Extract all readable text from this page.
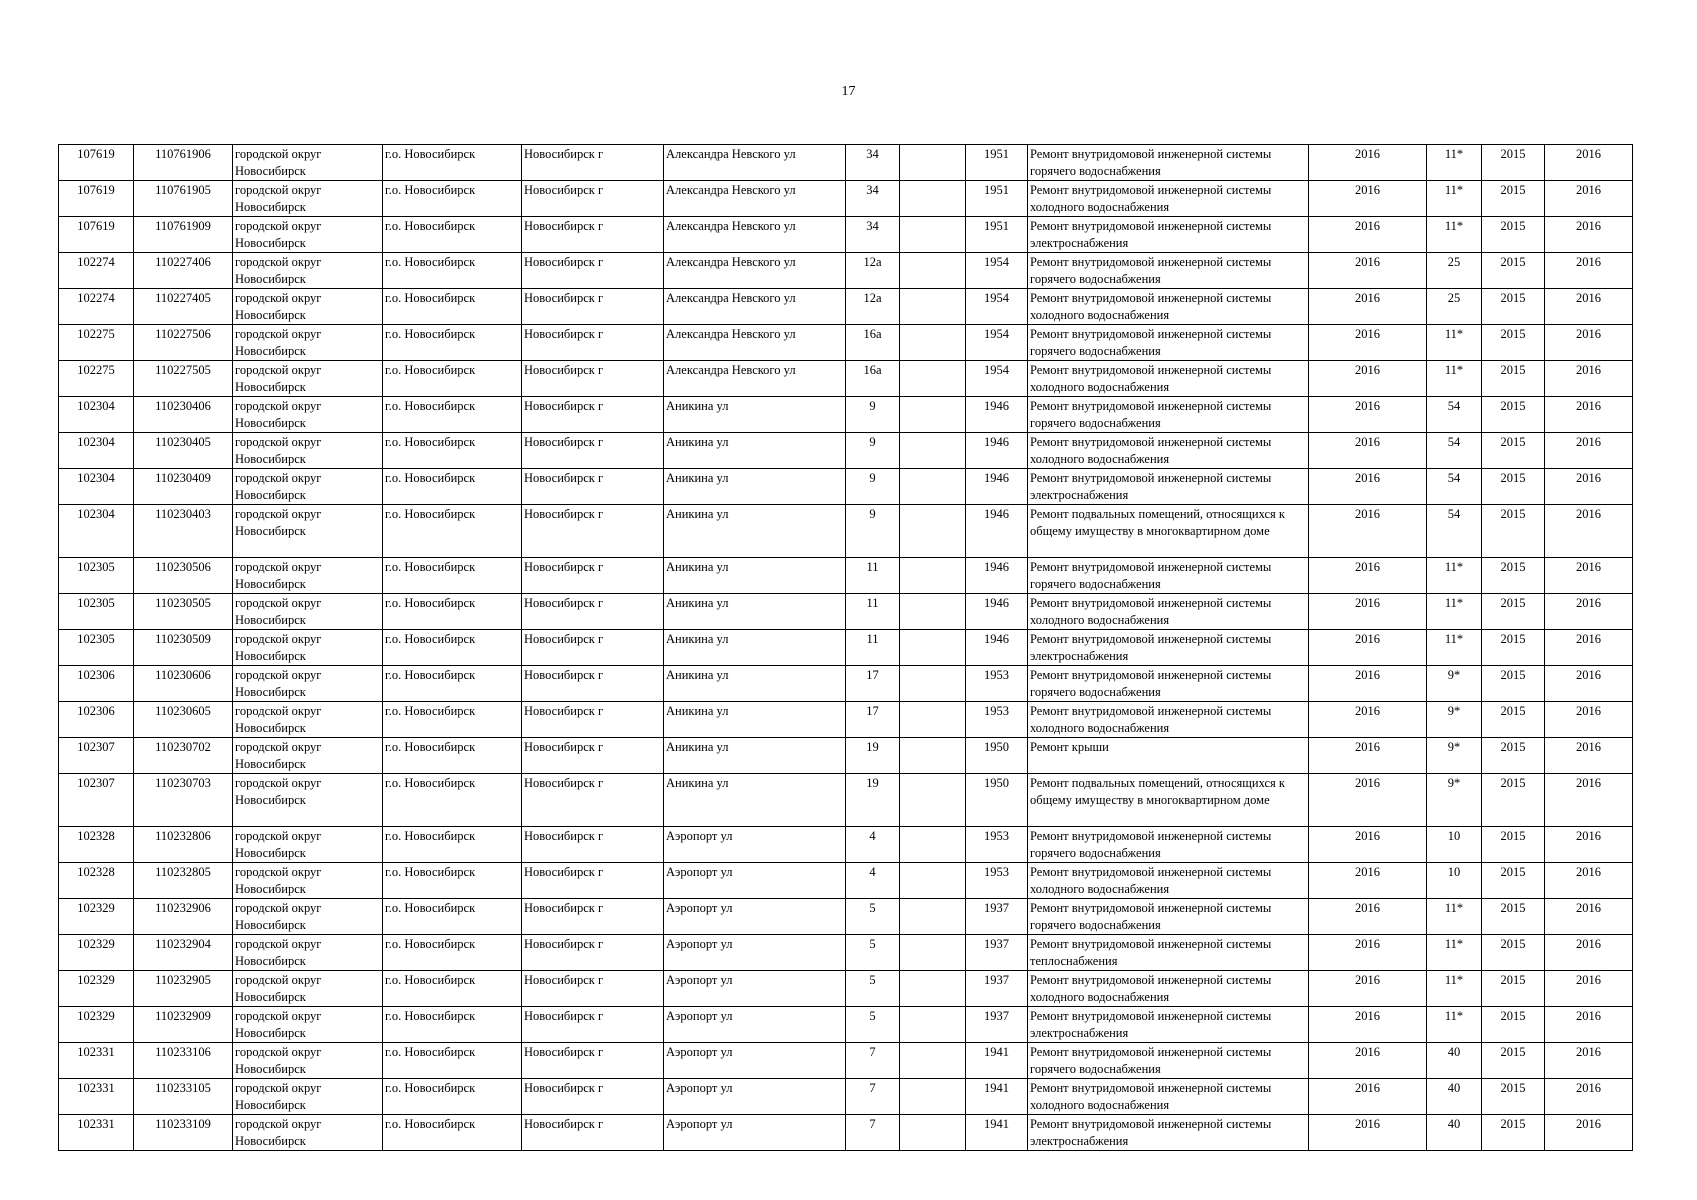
17
107619	110761906	городской округ Новосибирск	г.о. Новосибирск	Новосибирск г	Александра Невского ул	34		1951	Ремонт внутридомовой инженерной системы горячего водоснабжения	2016	11*	2015	2016
107619	110761905	городской округ Новосибирск	г.о. Новосибирск	Новосибирск г	Александра Невского ул	34		1951	Ремонт внутридомовой инженерной системы холодного водоснабжения	2016	11*	2015	2016
107619	110761909	городской округ Новосибирск	г.о. Новосибирск	Новосибирск г	Александра Невского ул	34		1951	Ремонт внутридомовой инженерной системы электроснабжения	2016	11*	2015	2016
102274	110227406	городской округ Новосибирск	г.о. Новосибирск	Новосибирск г	Александра Невского ул	12а		1954	Ремонт внутридомовой инженерной системы горячего водоснабжения	2016	25	2015	2016
102274	110227405	городской округ Новосибирск	г.о. Новосибирск	Новосибирск г	Александра Невского ул	12а		1954	Ремонт внутридомовой инженерной системы холодного водоснабжения	2016	25	2015	2016
102275	110227506	городской округ Новосибирск	г.о. Новосибирск	Новосибирск г	Александра Невского ул	16а		1954	Ремонт внутридомовой инженерной системы горячего водоснабжения	2016	11*	2015	2016
102275	110227505	городской округ Новосибирск	г.о. Новосибирск	Новосибирск г	Александра Невского ул	16а		1954	Ремонт внутридомовой инженерной системы холодного водоснабжения	2016	11*	2015	2016
102304	110230406	городской округ Новосибирск	г.о. Новосибирск	Новосибирск г	Аникина ул	9		1946	Ремонт внутридомовой инженерной системы горячего водоснабжения	2016	54	2015	2016
102304	110230405	городской округ Новосибирск	г.о. Новосибирск	Новосибирск г	Аникина ул	9		1946	Ремонт внутридомовой инженерной системы холодного водоснабжения	2016	54	2015	2016
102304	110230409	городской округ Новосибирск	г.о. Новосибирск	Новосибирск г	Аникина ул	9		1946	Ремонт внутридомовой инженерной системы электроснабжения	2016	54	2015	2016
102304	110230403	городской округ Новосибирск	г.о. Новосибирск	Новосибирск г	Аникина ул	9		1946	Ремонт подвальных помещений, относящихся к общему имуществу в многоквартирном доме	2016	54	2015	2016
102305	110230506	городской округ Новосибирск	г.о. Новосибирск	Новосибирск г	Аникина ул	11		1946	Ремонт внутридомовой инженерной системы горячего водоснабжения	2016	11*	2015	2016
102305	110230505	городской округ Новосибирск	г.о. Новосибирск	Новосибирск г	Аникина ул	11		1946	Ремонт внутридомовой инженерной системы холодного водоснабжения	2016	11*	2015	2016
102305	110230509	городской округ Новосибирск	г.о. Новосибирск	Новосибирск г	Аникина ул	11		1946	Ремонт внутридомовой инженерной системы электроснабжения	2016	11*	2015	2016
102306	110230606	городской округ Новосибирск	г.о. Новосибирск	Новосибирск г	Аникина ул	17		1953	Ремонт внутридомовой инженерной системы горячего водоснабжения	2016	9*	2015	2016
102306	110230605	городской округ Новосибирск	г.о. Новосибирск	Новосибирск г	Аникина ул	17		1953	Ремонт внутридомовой инженерной системы холодного водоснабжения	2016	9*	2015	2016
102307	110230702	городской округ Новосибирск	г.о. Новосибирск	Новосибирск г	Аникина ул	19		1950	Ремонт крыши	2016	9*	2015	2016
102307	110230703	городской округ Новосибирск	г.о. Новосибирск	Новосибирск г	Аникина ул	19		1950	Ремонт подвальных помещений, относящихся к общему имуществу в многоквартирном доме	2016	9*	2015	2016
102328	110232806	городской округ Новосибирск	г.о. Новосибирск	Новосибирск г	Аэропорт ул	4		1953	Ремонт внутридомовой инженерной системы горячего водоснабжения	2016	10	2015	2016
102328	110232805	городской округ Новосибирск	г.о. Новосибирск	Новосибирск г	Аэропорт ул	4		1953	Ремонт внутридомовой инженерной системы холодного водоснабжения	2016	10	2015	2016
102329	110232906	городской округ Новосибирск	г.о. Новосибирск	Новосибирск г	Аэропорт ул	5		1937	Ремонт внутридомовой инженерной системы горячего водоснабжения	2016	11*	2015	2016
102329	110232904	городской округ Новосибирск	г.о. Новосибирск	Новосибирск г	Аэропорт ул	5		1937	Ремонт внутридомовой инженерной системы теплоснабжения	2016	11*	2015	2016
102329	110232905	городской округ Новосибирск	г.о. Новосибирск	Новосибирск г	Аэропорт ул	5		1937	Ремонт внутридомовой инженерной системы холодного водоснабжения	2016	11*	2015	2016
102329	110232909	городской округ Новосибирск	г.о. Новосибирск	Новосибирск г	Аэропорт ул	5		1937	Ремонт внутридомовой инженерной системы электроснабжения	2016	11*	2015	2016
102331	110233106	городской округ Новосибирск	г.о. Новосибирск	Новосибирск г	Аэропорт ул	7		1941	Ремонт внутридомовой инженерной системы горячего водоснабжения	2016	40	2015	2016
102331	110233105	городской округ Новосибирск	г.о. Новосибирск	Новосибирск г	Аэропорт ул	7		1941	Ремонт внутридомовой инженерной системы холодного водоснабжения	2016	40	2015	2016
102331	110233109	городской округ Новосибирск	г.о. Новосибирск	Новосибирск г	Аэропорт ул	7		1941	Ремонт внутридомовой инженерной системы электроснабжения	2016	40	2015	2016
